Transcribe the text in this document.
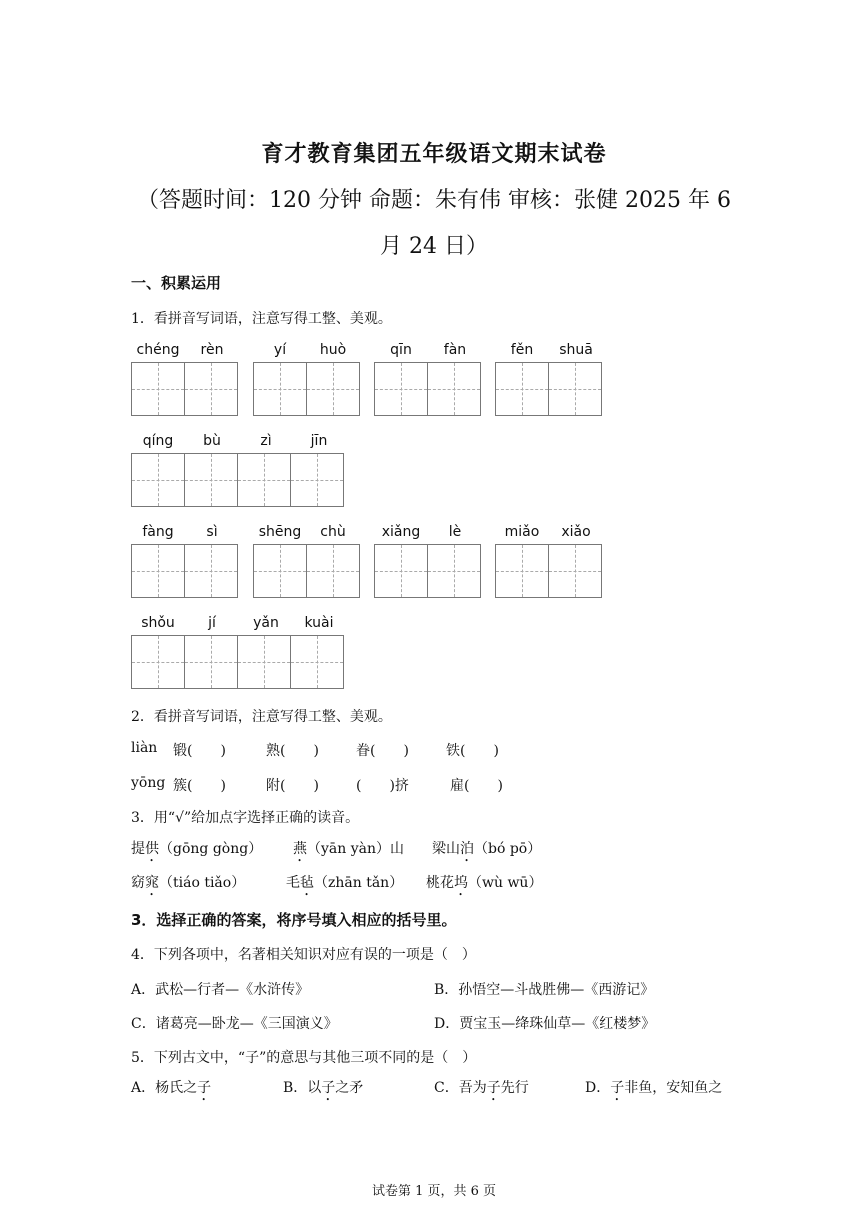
育才教育集团五年级语文期末试卷
（答题时间：120 分钟 命题：朱有伟 审核：张健 2025 年 6
月 24 日）
一、积累运用
1．看拼音写词语，注意写得工整、美观。
chéng	rèn	yí	huò	qīn	fàn	fěn	shuā
qíng	bù	zì	jīn
fàng	sì	shēng	chù	xiǎng	lè	miǎo	xiǎo
shǒu	jí	yǎn	kuài
2．看拼音写词语，注意写得工整、美观。
liàn 锻(　　)	熟(　　)	眷(　　)	铁(　　)
yōng 簇(　　)	附(　　)	(　　)挤	雇(　　)
3．用“√”给加点字选择正确的读音。
提供（gōng gòng） 燕（yān yàn）山 梁山泊（bó pō）
窈窕（tiáo tiǎo）	毛毡（zhān tǎn） 桃花坞（wù wū）
3．选择正确的答案，将序号填入相应的括号里。
4．下列各项中，名著相关知识对应有误的一项是（　）
A．武松—行者—《水浒传》	B．孙悟空—斗战胜佛—《西游记》
C．诸葛亮—卧龙—《三国演义》	D．贾宝玉—绛珠仙草—《红楼梦》
5．下列古文中，“子”的意思与其他三项不同的是（　）
A．杨氏之子	B．以子之矛	C．吾为子先行	D．子非鱼，安知鱼之
试卷第 1 页，共 6 页
